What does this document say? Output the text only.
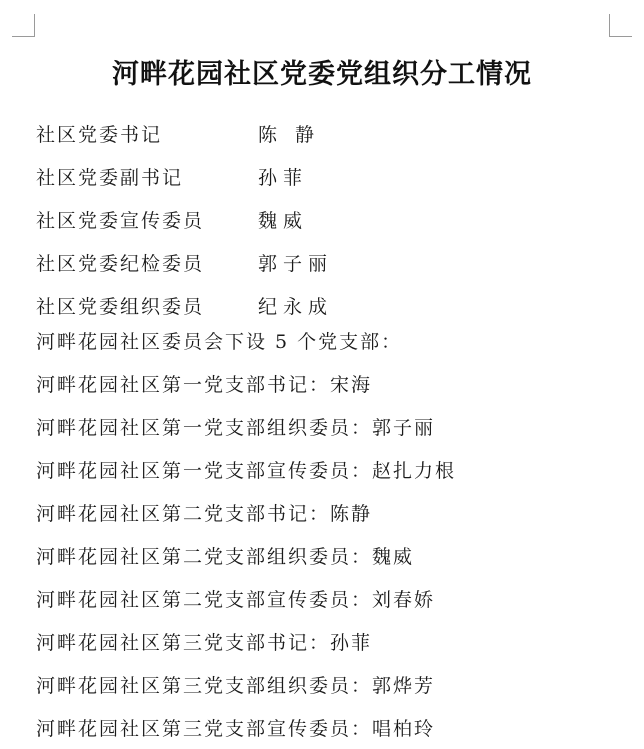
河畔花园社区党委党组织分工情况
社区党委书记	陈 静
社区党委副书记	孙菲
社区党委宣传委员	魏威
社区党委纪检委员	郭子丽
社区党委组织委员	纪永成
河畔花园社区委员会下设 5 个党支部：
河畔花园社区第一党支部书记：宋海
河畔花园社区第一党支部组织委员：郭子丽
河畔花园社区第一党支部宣传委员：赵扎力根
河畔花园社区第二党支部书记：陈静
河畔花园社区第二党支部组织委员：魏威
河畔花园社区第二党支部宣传委员：刘春娇
河畔花园社区第三党支部书记：孙菲
河畔花园社区第三党支部组织委员：郭烨芳
河畔花园社区第三党支部宣传委员：唱柏玲
